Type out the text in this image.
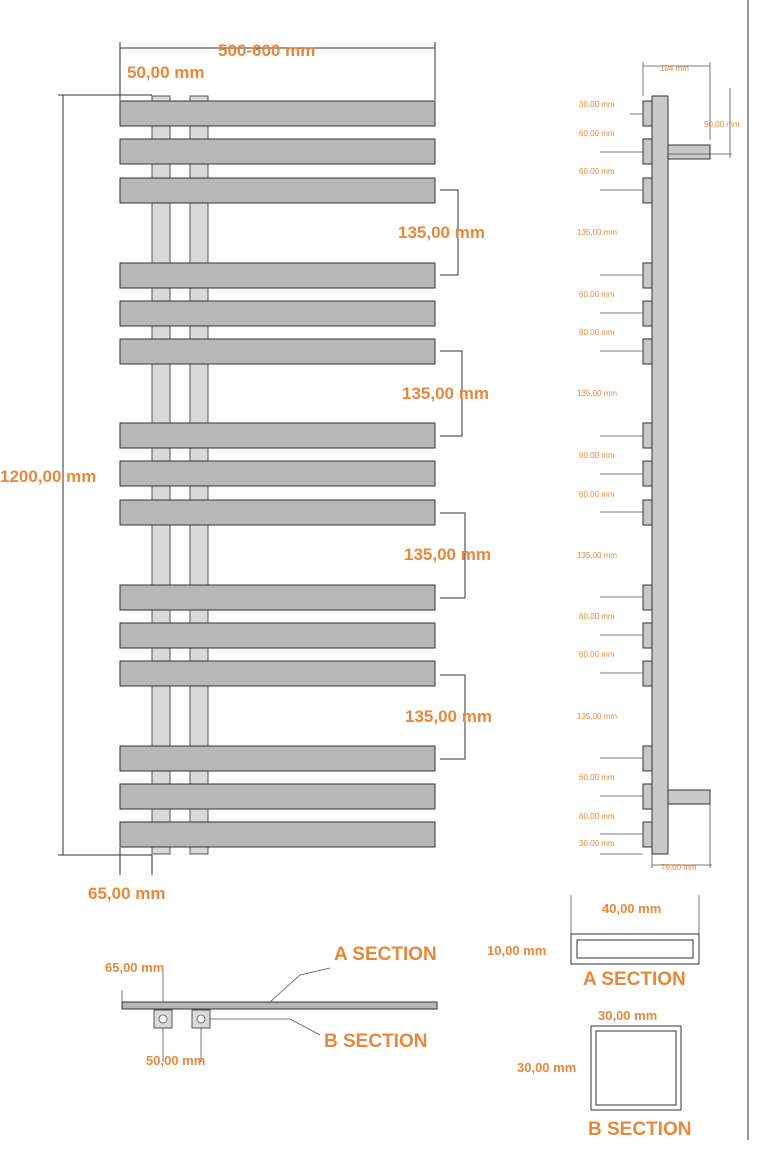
500-600 mm
50,00 mm
1200,00 mm
135,00 mm
135,00 mm
135,00 mm
135,00 mm
65,00 mm
104 mm
90,00 mm
79,00 mm
30,00 mm
60,00 mm
60,00 mm
135,00 mm
60,00 mm
60,00 mm
135,00 mm
60,00 mm
60,00 mm
135,00 mm
60,00 mm
60,00 mm
135,00 mm
60,00 mm
60,00 mm
30,00 mm
65,00 mm
50,00 mm
A SECTION
B SECTION
40,00 mm
10,00 mm
A SECTION
30,00 mm
30,00 mm
B SECTION
